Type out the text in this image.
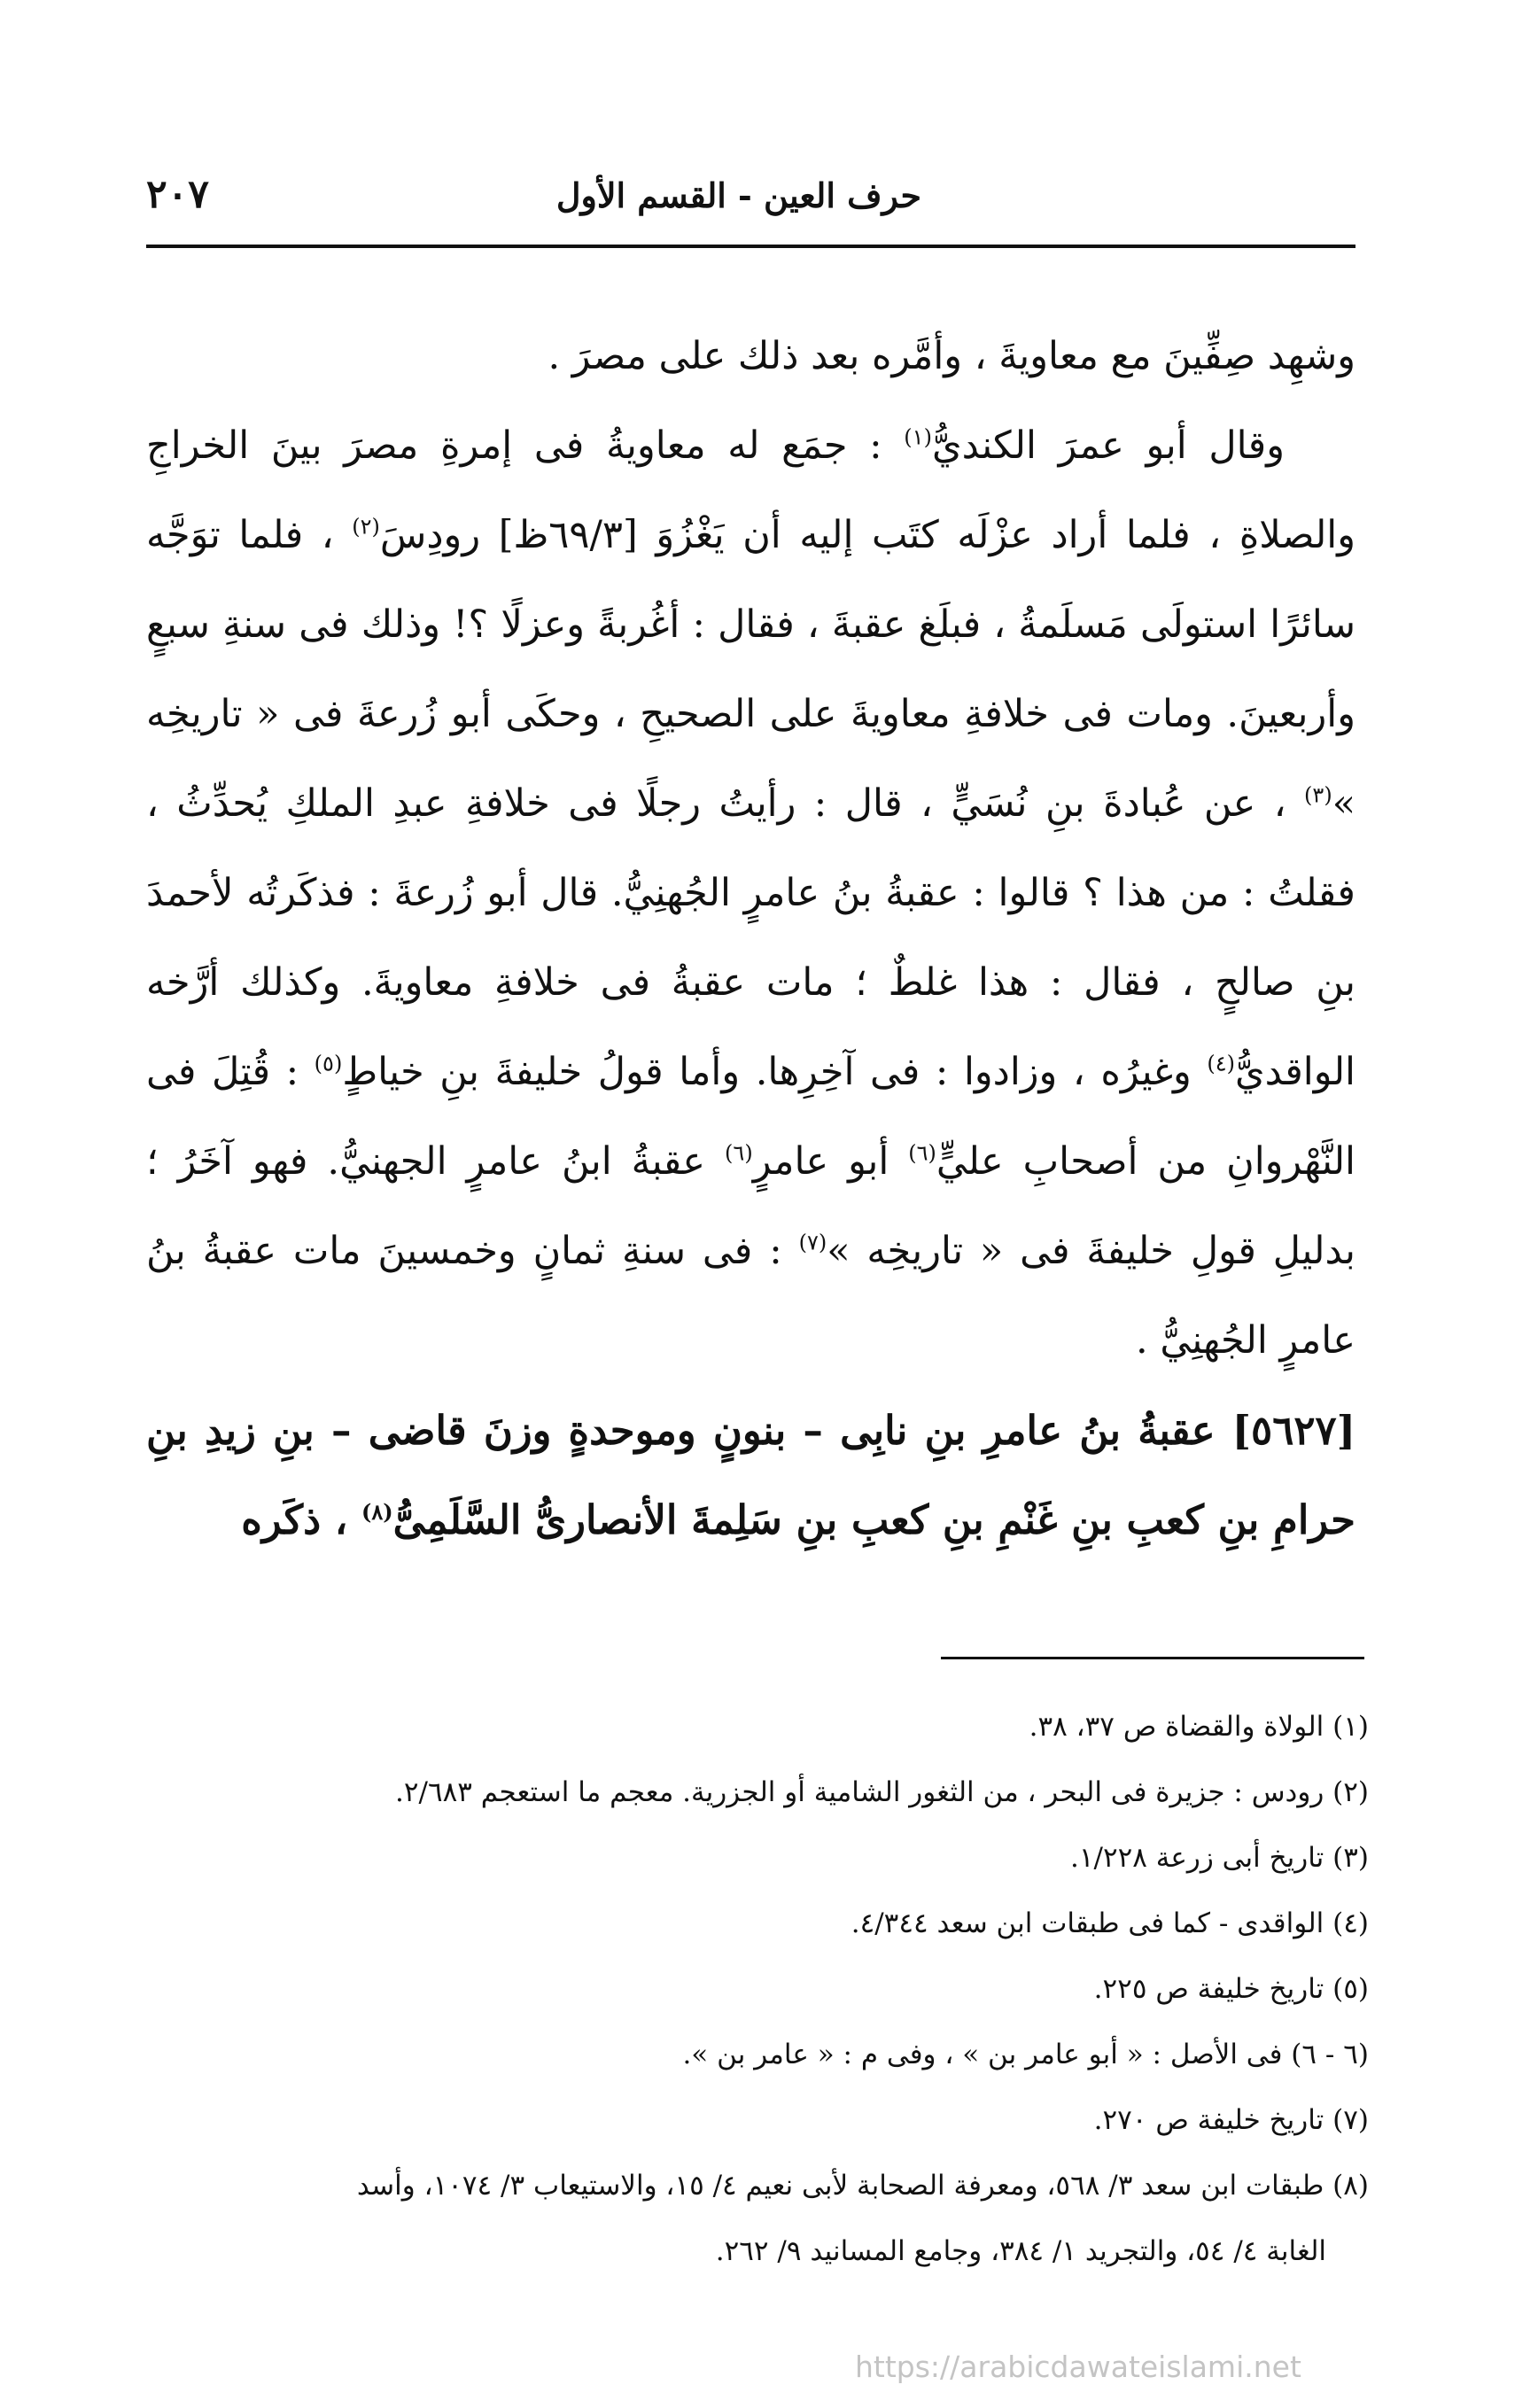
حرف العين - القسم الأول
٢٠٧

وشهِد صِفِّينَ مع معاويةَ ، وأمَّره بعد ذلك على مصرَ .

وقال أبو عمرَ الكنديُّ$^{(١)}$ : جمَع له معاويةُ فى إمرةِ مصرَ بينَ الخراجِ والصلاةِ ، فلما أراد عزْلَه كتَب إليه أن يَغْزُوَ [٦٩/٣ظ] رودِسَ$^{(٢)}$ ، فلما توَجَّه سائرًا استولَى مَسلَمةُ ، فبلَغ عقبةَ ، فقال : أغُربةً وعزلًا ؟! وذلك فى سنةِ سبعٍ وأربعينَ. ومات فى خلافةِ معاويةَ على الصحيحِ ، وحكَى أبو زُرعةَ فى « تاريخِه »$^{(٣)}$ ، عن عُبادةَ بنِ نُسَيٍّ ، قال : رأيتُ رجلًا فى خلافةِ عبدِ الملكِ يُحدِّثُ ، فقلتُ : من هذا ؟ قالوا : عقبةُ بنُ عامرٍ الجُهنِيُّ. قال أبو زُرعةَ : فذكَرتُه لأحمدَ بنِ صالحٍ ، فقال : هذا غلطٌ ؛ مات عقبةُ فى خلافةِ معاويةَ. وكذلك أرَّخه الواقديُّ$^{(٤)}$ وغيرُه ، وزادوا : فى آخِرِها. وأما قولُ خليفةَ بنِ خياطٍ$^{(٥)}$ : قُتِلَ فى النَّهْروانِ من أصحابِ عليٍّ$^{(٦)}$ أبو عامرٍ$^{(٦)}$ عقبةُ ابنُ عامرٍ الجهنيُّ. فهو آخَرُ ؛ بدليلِ قولِ خليفةَ فى « تاريخِه »$^{(٧)}$ : فى سنةِ ثمانٍ وخمسينَ مات عقبةُ بنُ عامرٍ الجُهنِيُّ .

[٥٦٢٧] عقبةُ بنُ عامرِ بنِ نابِى – بنونٍ وموحدةٍ وزنَ قاضى – بنِ زيدِ بنِ حرامِ بنِ كعبِ بنِ غَنْمِ بنِ كعبِ بنِ سَلِمةَ الأنصارىُّ السَّلَمِىُّ$^{(٨)}$ ، ذكَره

(١) الولاة والقضاة ص ٣٧، ٣٨.
(٢) رودس : جزيرة فى البحر ، من الثغور الشامية أو الجزرية. معجم ما استعجم ٢/٦٨٣.
(٣) تاريخ أبى زرعة ١/٢٢٨.
(٤) الواقدى - كما فى طبقات ابن سعد ٤/٣٤٤.
(٥) تاريخ خليفة ص ٢٢٥.
(٦ - ٦) فى الأصل : « أبو عامر بن » ، وفى م : « عامر بن ».
(٧) تاريخ خليفة ص ٢٧٠.
(٨) طبقات ابن سعد ٣/ ٥٦٨، ومعرفة الصحابة لأبى نعيم ٤/ ١٥، والاستيعاب ٣/ ١٠٧٤، وأسد
الغابة ٤/ ٥٤، والتجريد ١/ ٣٨٤، وجامع المسانيد ٩/ ٢٦٢.
https://arabicdawateislami.net
